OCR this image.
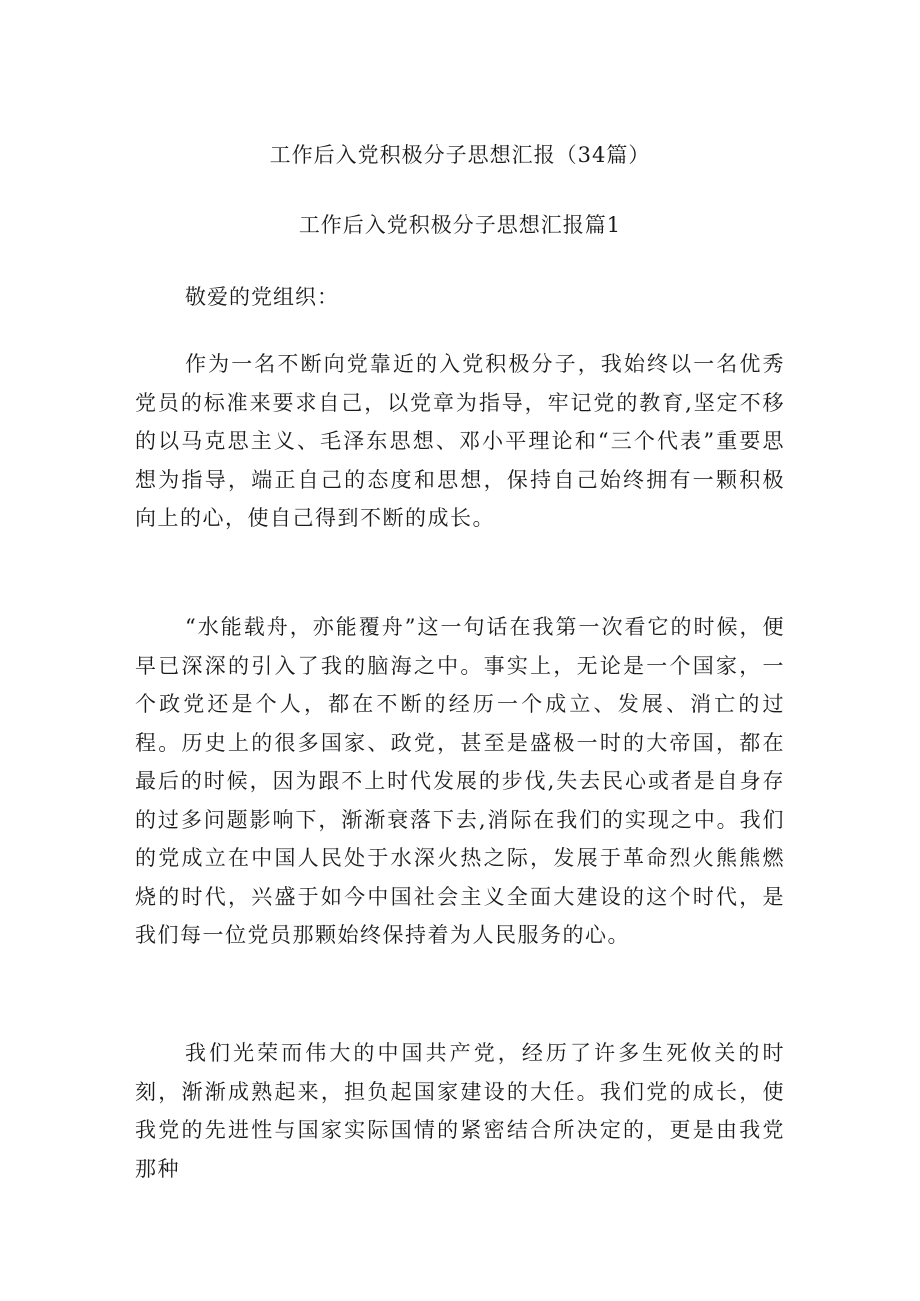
工作后入党积极分子思想汇报（34篇）
工作后入党积极分子思想汇报篇1
敬爱的党组织：

作为一名不断向党靠近的入党积极分子，我始终以一名优秀党员的标准来要求自己，以党章为指导，牢记党的教育,坚定不移的以马克思主义、毛泽东思想、邓小平理论和“三个代表”重要思想为指导，端正自己的态度和思想，保持自己始终拥有一颗积极向上的心，使自己得到不断的成长。

“水能载舟，亦能覆舟”这一句话在我第一次看它的时候，便早已深深的引入了我的脑海之中。事实上，无论是一个国家，一个政党还是个人，都在不断的经历一个成立、发展、消亡的过程。历史上的很多国家、政党，甚至是盛极一时的大帝国，都在最后的时候，因为跟不上时代发展的步伐,失去民心或者是自身存的过多问题影响下，渐渐衰落下去,消际在我们的实现之中。我们的党成立在中国人民处于水深火热之际，发展于革命烈火熊熊燃烧的时代，兴盛于如今中国社会主义全面大建设的这个时代，是我们每一位党员那颗始终保持着为人民服务的心。

我们光荣而伟大的中国共产党，经历了许多生死攸关的时刻，渐渐成熟起来，担负起国家建设的大任。我们党的成长，使我党的先进性与国家实际国情的紧密结合所决定的，更是由我党那种
